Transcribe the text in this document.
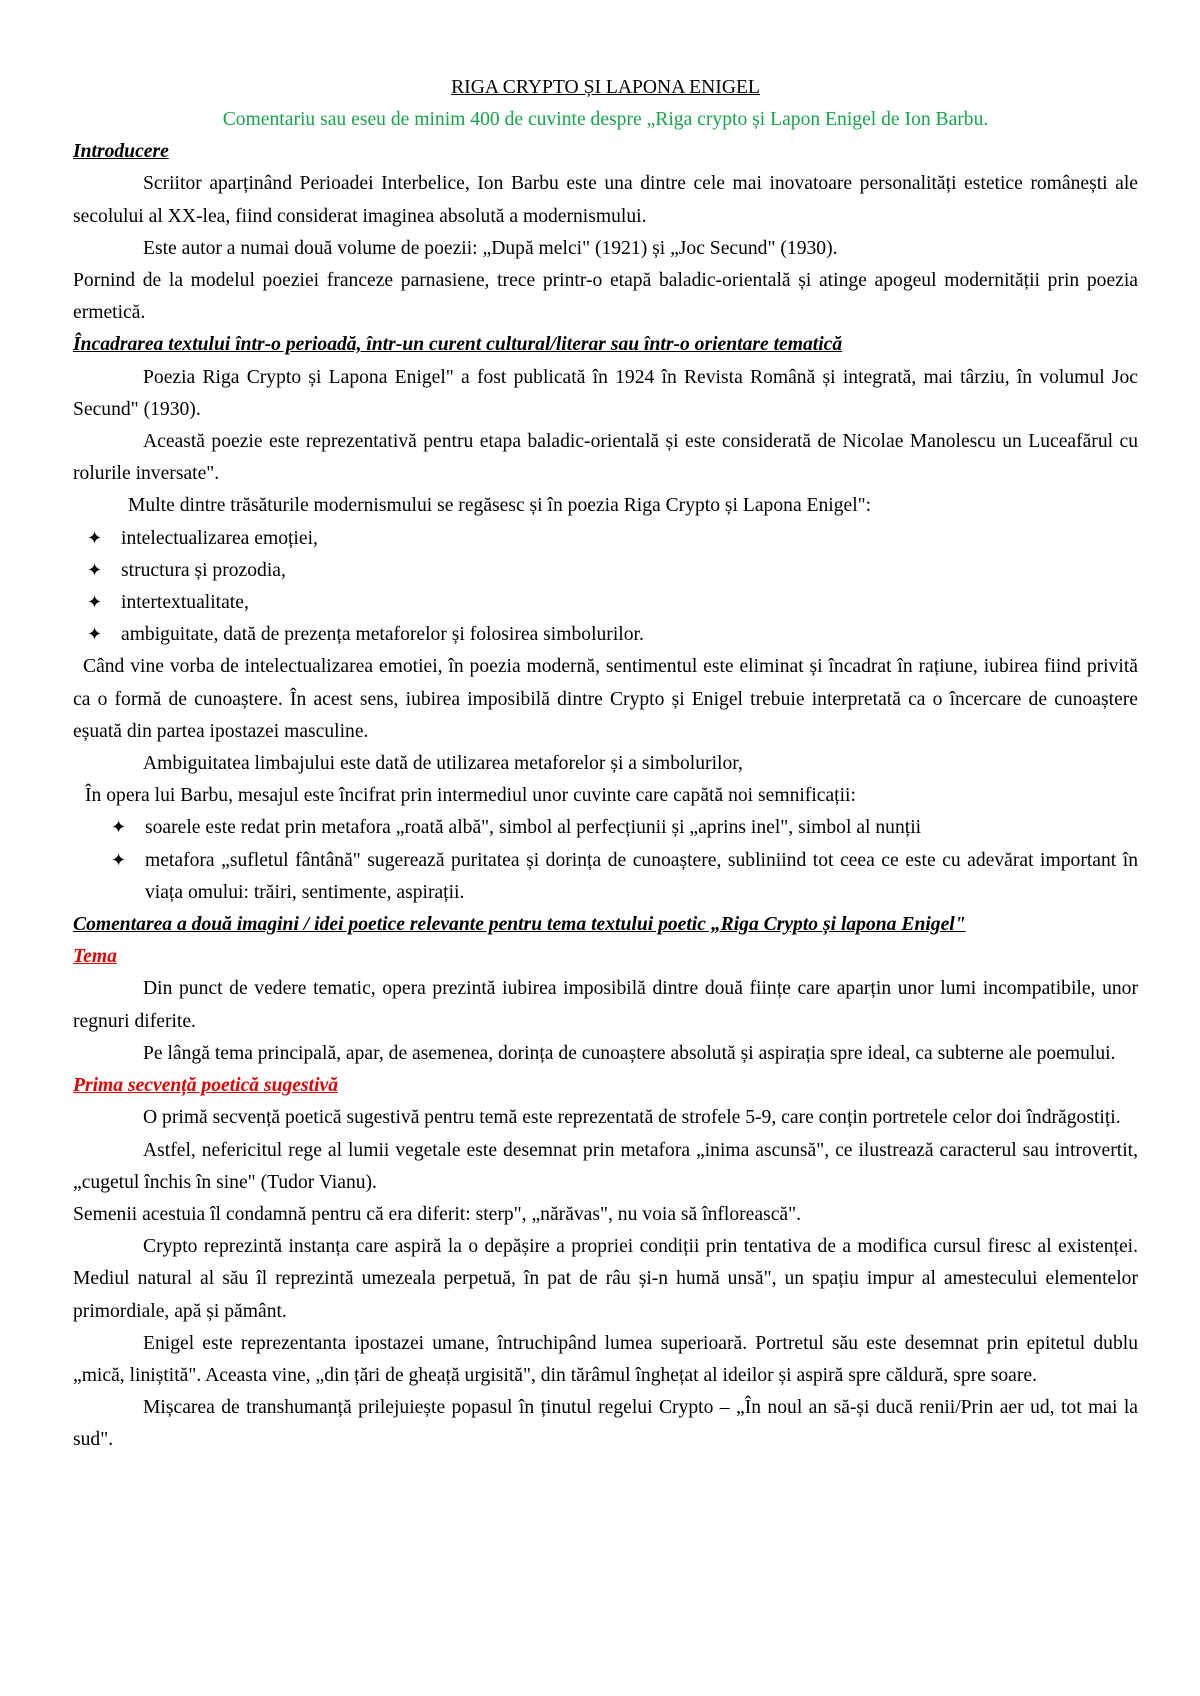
RIGA CRYPTO ȘI LAPONA ENIGEL

Comentariu sau eseu de minim 400 de cuvinte despre „Riga crypto și Lapon Enigel de Ion Barbu.

Introducere

Scriitor aparținând Perioadei Interbelice, Ion Barbu este una dintre cele mai inovatoare personalități estetice românești ale secolului al XX-lea, fiind considerat imaginea absolută a modernismului.

Este autor a numai două volume de poezii: „După melci" (1921) și „Joc Secund" (1930).

Pornind de la modelul poeziei franceze parnasiene, trece printr-o etapă baladic-orientală și atinge apogeul modernității prin poezia ermetică.

Încadrarea textului într-o perioadă, într-un curent cultural/literar sau într-o orientare tematică

Poezia Riga Crypto și Lapona Enigel" a fost publicată în 1924 în Revista Română și integrată, mai târziu, în volumul Joc Secund" (1930).

Această poezie este reprezentativă pentru etapa baladic-orientală și este considerată de Nicolae Manolescu un Luceafărul cu rolurile inversate".

Multe dintre trăsăturile modernismului se regăsesc și în poezia Riga Crypto și Lapona Enigel":

✦ intelectualizarea emoției,
✦ structura și prozodia,
✦ intertextualitate,
✦ ambiguitate, dată de prezența metaforelor și folosirea simbolurilor.

Când vine vorba de intelectualizarea emotiei, în poezia modernă, sentimentul este eliminat și încadrat în rațiune, iubirea fiind privită ca o formă de cunoaștere. În acest sens, iubirea imposibilă dintre Crypto și Enigel trebuie interpretată ca o încercare de cunoaștere eșuată din partea ipostazei masculine.

Ambiguitatea limbajului este dată de utilizarea metaforelor și a simbolurilor,

În opera lui Barbu, mesajul este încifrat prin intermediul unor cuvinte care capătă noi semnificații:

✦ soarele este redat prin metafora „roată albă", simbol al perfecțiunii și „aprins inel", simbol al nunții
✦ metafora „sufletul fântână" sugerează puritatea și dorința de cunoaștere, subliniind tot ceea ce este cu adevărat important în viața omului: trăiri, sentimente, aspirații.
Comentarea a două imagini / idei poetice relevante pentru tema textului poetic „Riga Crypto și lapona Enigel"
Tema

Din punct de vedere tematic, opera prezintă iubirea imposibilă dintre două ființe care aparțin unor lumi incompatibile, unor regnuri diferite.

Pe lângă tema principală, apar, de asemenea, dorința de cunoaștere absolută și aspirația spre ideal, ca subterne ale poemului.

Prima secvență poetică sugestivă

O primă secvență poetică sugestivă pentru temă este reprezentată de strofele 5-9, care conțin portretele celor doi îndrăgostiți.

Astfel, nefericitul rege al lumii vegetale este desemnat prin metafora „inima ascunsă", ce ilustrează caracterul sau introvertit, „cugetul închis în sine" (Tudor Vianu).

Semenii acestuia îl condamnă pentru că era diferit: sterp", „nărăvas", nu voia să înflorească".

Crypto reprezintă instanța care aspiră la o depășire a propriei condiții prin tentativa de a modifica cursul firesc al existenței. Mediul natural al său îl reprezintă umezeala perpetuă, în pat de râu și-n humă unsă", un spațiu impur al amestecului elementelor primordiale, apă și pământ.

Enigel este reprezentanta ipostazei umane, întruchipând lumea superioară. Portretul său este desemnat prin epitetul dublu „mică, liniștită". Aceasta vine, „din țări de gheață urgisită", din tărâmul înghețat al ideilor și aspiră spre căldură, spre soare.

Mișcarea de transhumanță prilejuiește popasul în ținutul regelui Crypto – „În noul an să-și ducă renii/Prin aer ud, tot mai la sud".
